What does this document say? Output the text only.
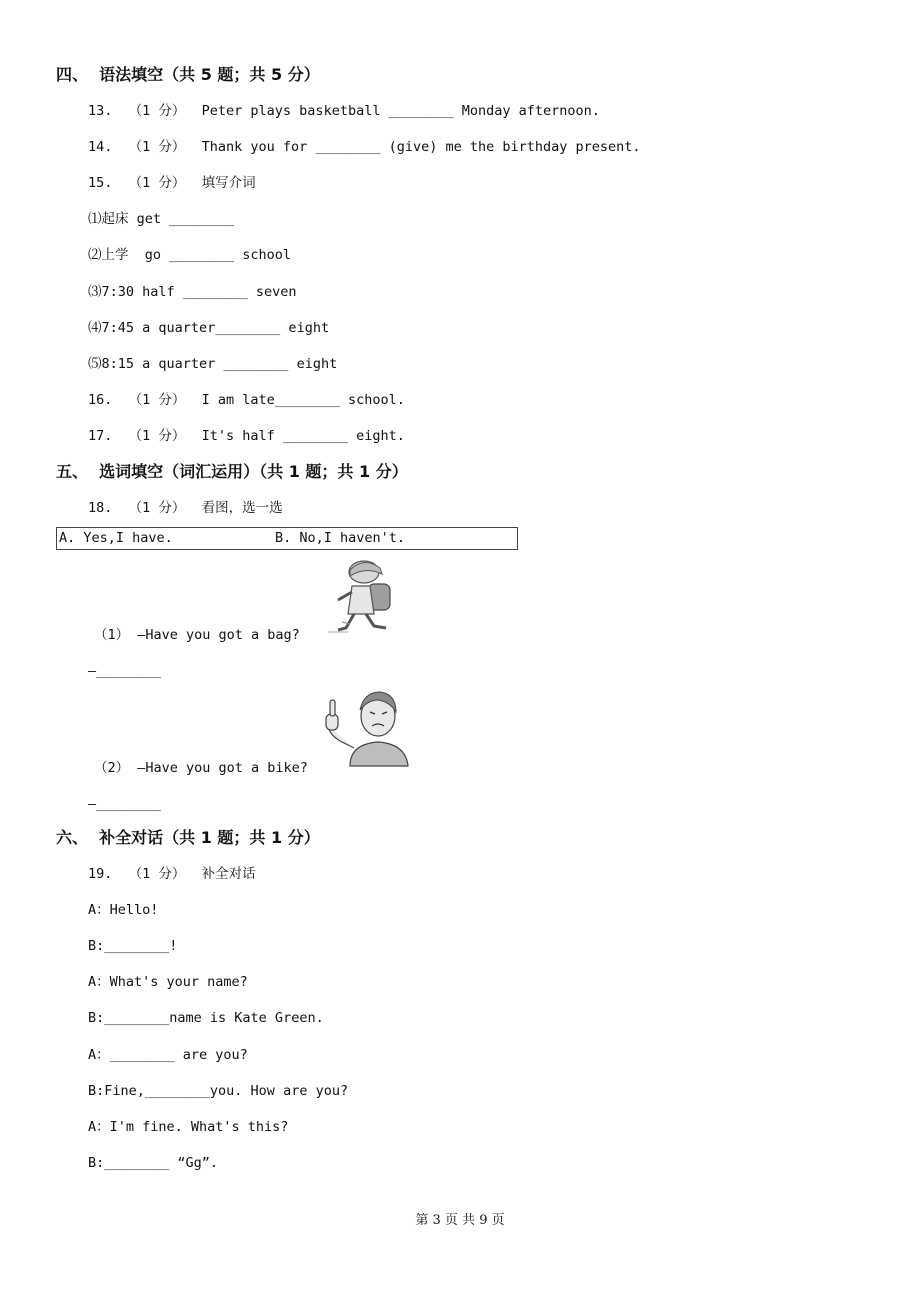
四、  语法填空（共 5 题；共 5 分）
五、  选词填空（词汇运用）（共 1 题；共 1 分）
六、  补全对话（共 1 题；共 1 分）
13.  （1 分）  Peter plays basketball ________ Monday afternoon.
14.  （1 分）  Thank you for ________ (give) me the birthday present.
15.  （1 分）  填写介词
⑴起床 get ________
⑵上学  go ________ school
⑶7:30 half ________ seven
⑷7:45 a quarter________ eight
⑸8:15 a quarter ________ eight
16.  （1 分）  I am late________ school.
17.  （1 分）  It's half ________ eight.
18.  （1 分）  看图，选一选
A. Yes,I have.	B. No,I haven't.
（1） —Have you got a bag?
—________
（2） —Have you got a bike?
—________
19.  （1 分）  补全对话
A：Hello!
B:________!
A：What's your name?
B:________name is Kate Green.
A：________ are you?
B:Fine,________you. How are you?
A：I'm fine. What's this?
B:________ “Gg”.
第 3 页 共 9 页
